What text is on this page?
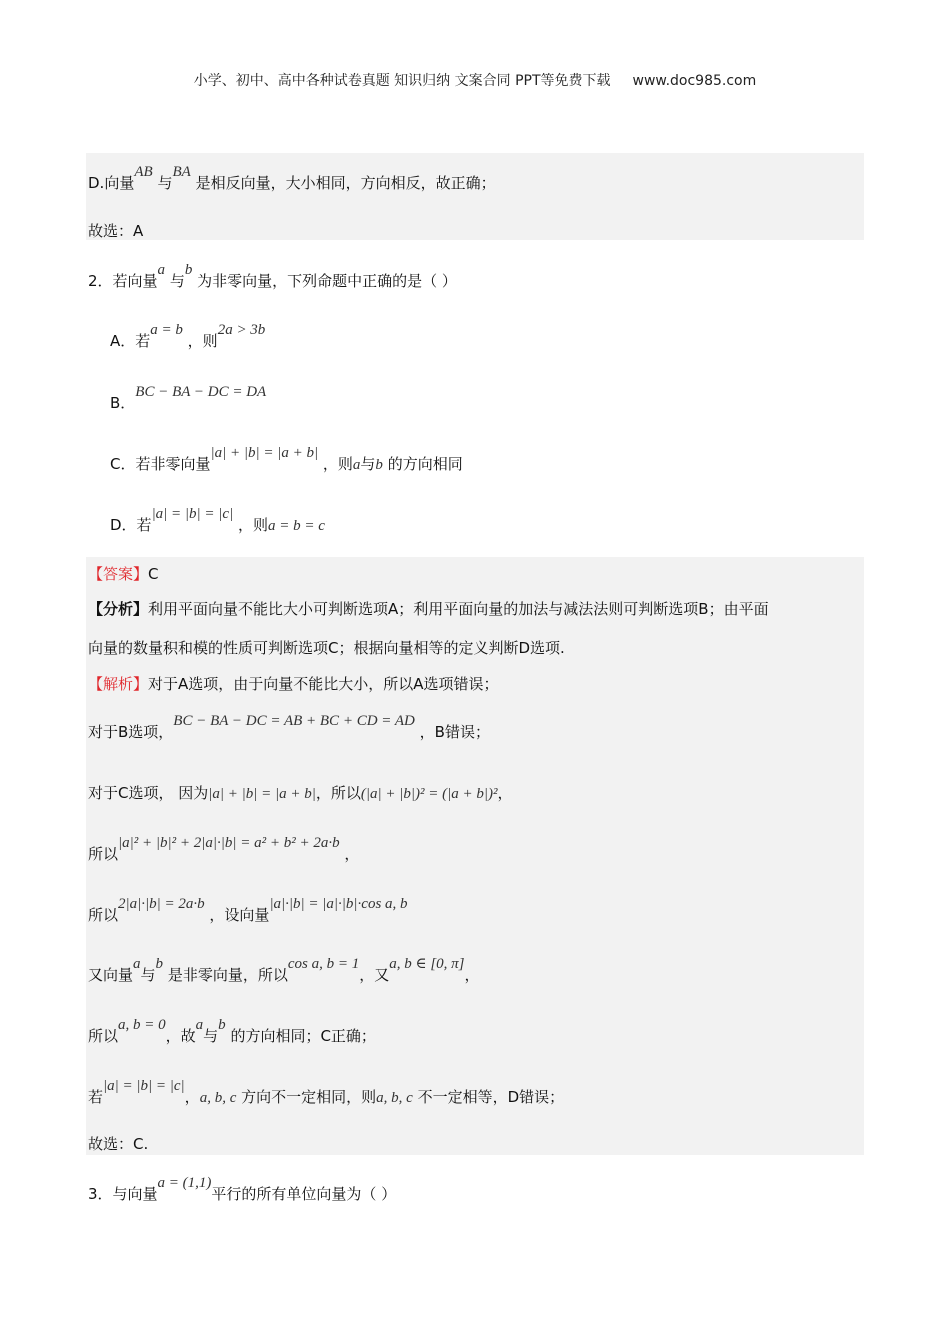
小学、初中、高中各种试卷真题 知识归纳 文案合同 PPT等免费下载 www.doc985.com
D.向量AB 与BA 是相反向量，大小相同，方向相反，故正确；
故选：A
2．若向量a 与b 为非零向量，下列命题中正确的是（ ）
A．若a = b ，则2a > 3b
B．BC − BA − DC = DA
C．若非零向量|a| + |b| = |a + b| ，则a与b 的方向相同
D．若|a| = |b| = |c| ，则a = b = c
【答案】C
【分析】利用平面向量不能比大小可判断选项A；利用平面向量的加法与减法法则可判断选项B；由平面
向量的数量积和模的性质可判断选项C；根据向量相等的定义判断D选项.
【解析】对于A选项，由于向量不能比大小，所以A选项错误；
对于B选项，BC − BA − DC = AB + BC + CD = AD ，B错误；
对于C选项， 因为|a| + |b| = |a + b|，所以(|a| + |b|)² = (|a + b|)²，
所以|a|² + |b|² + 2|a|·|b| = a² + b² + 2a·b ，
所以2|a|·|b| = 2a·b ，设向量|a|·|b| = |a|·|b|·cos a, b
又向量a与b 是非零向量，所以cos a, b = 1，又a, b ∈ [0, π]，
所以a, b = 0，故a与b 的方向相同；C正确；
若|a| = |b| = |c|，a, b, c 方向不一定相同，则a, b, c 不一定相等，D错误；
故选：C.
3．与向量a = (1,1)平行的所有单位向量为（ ）
